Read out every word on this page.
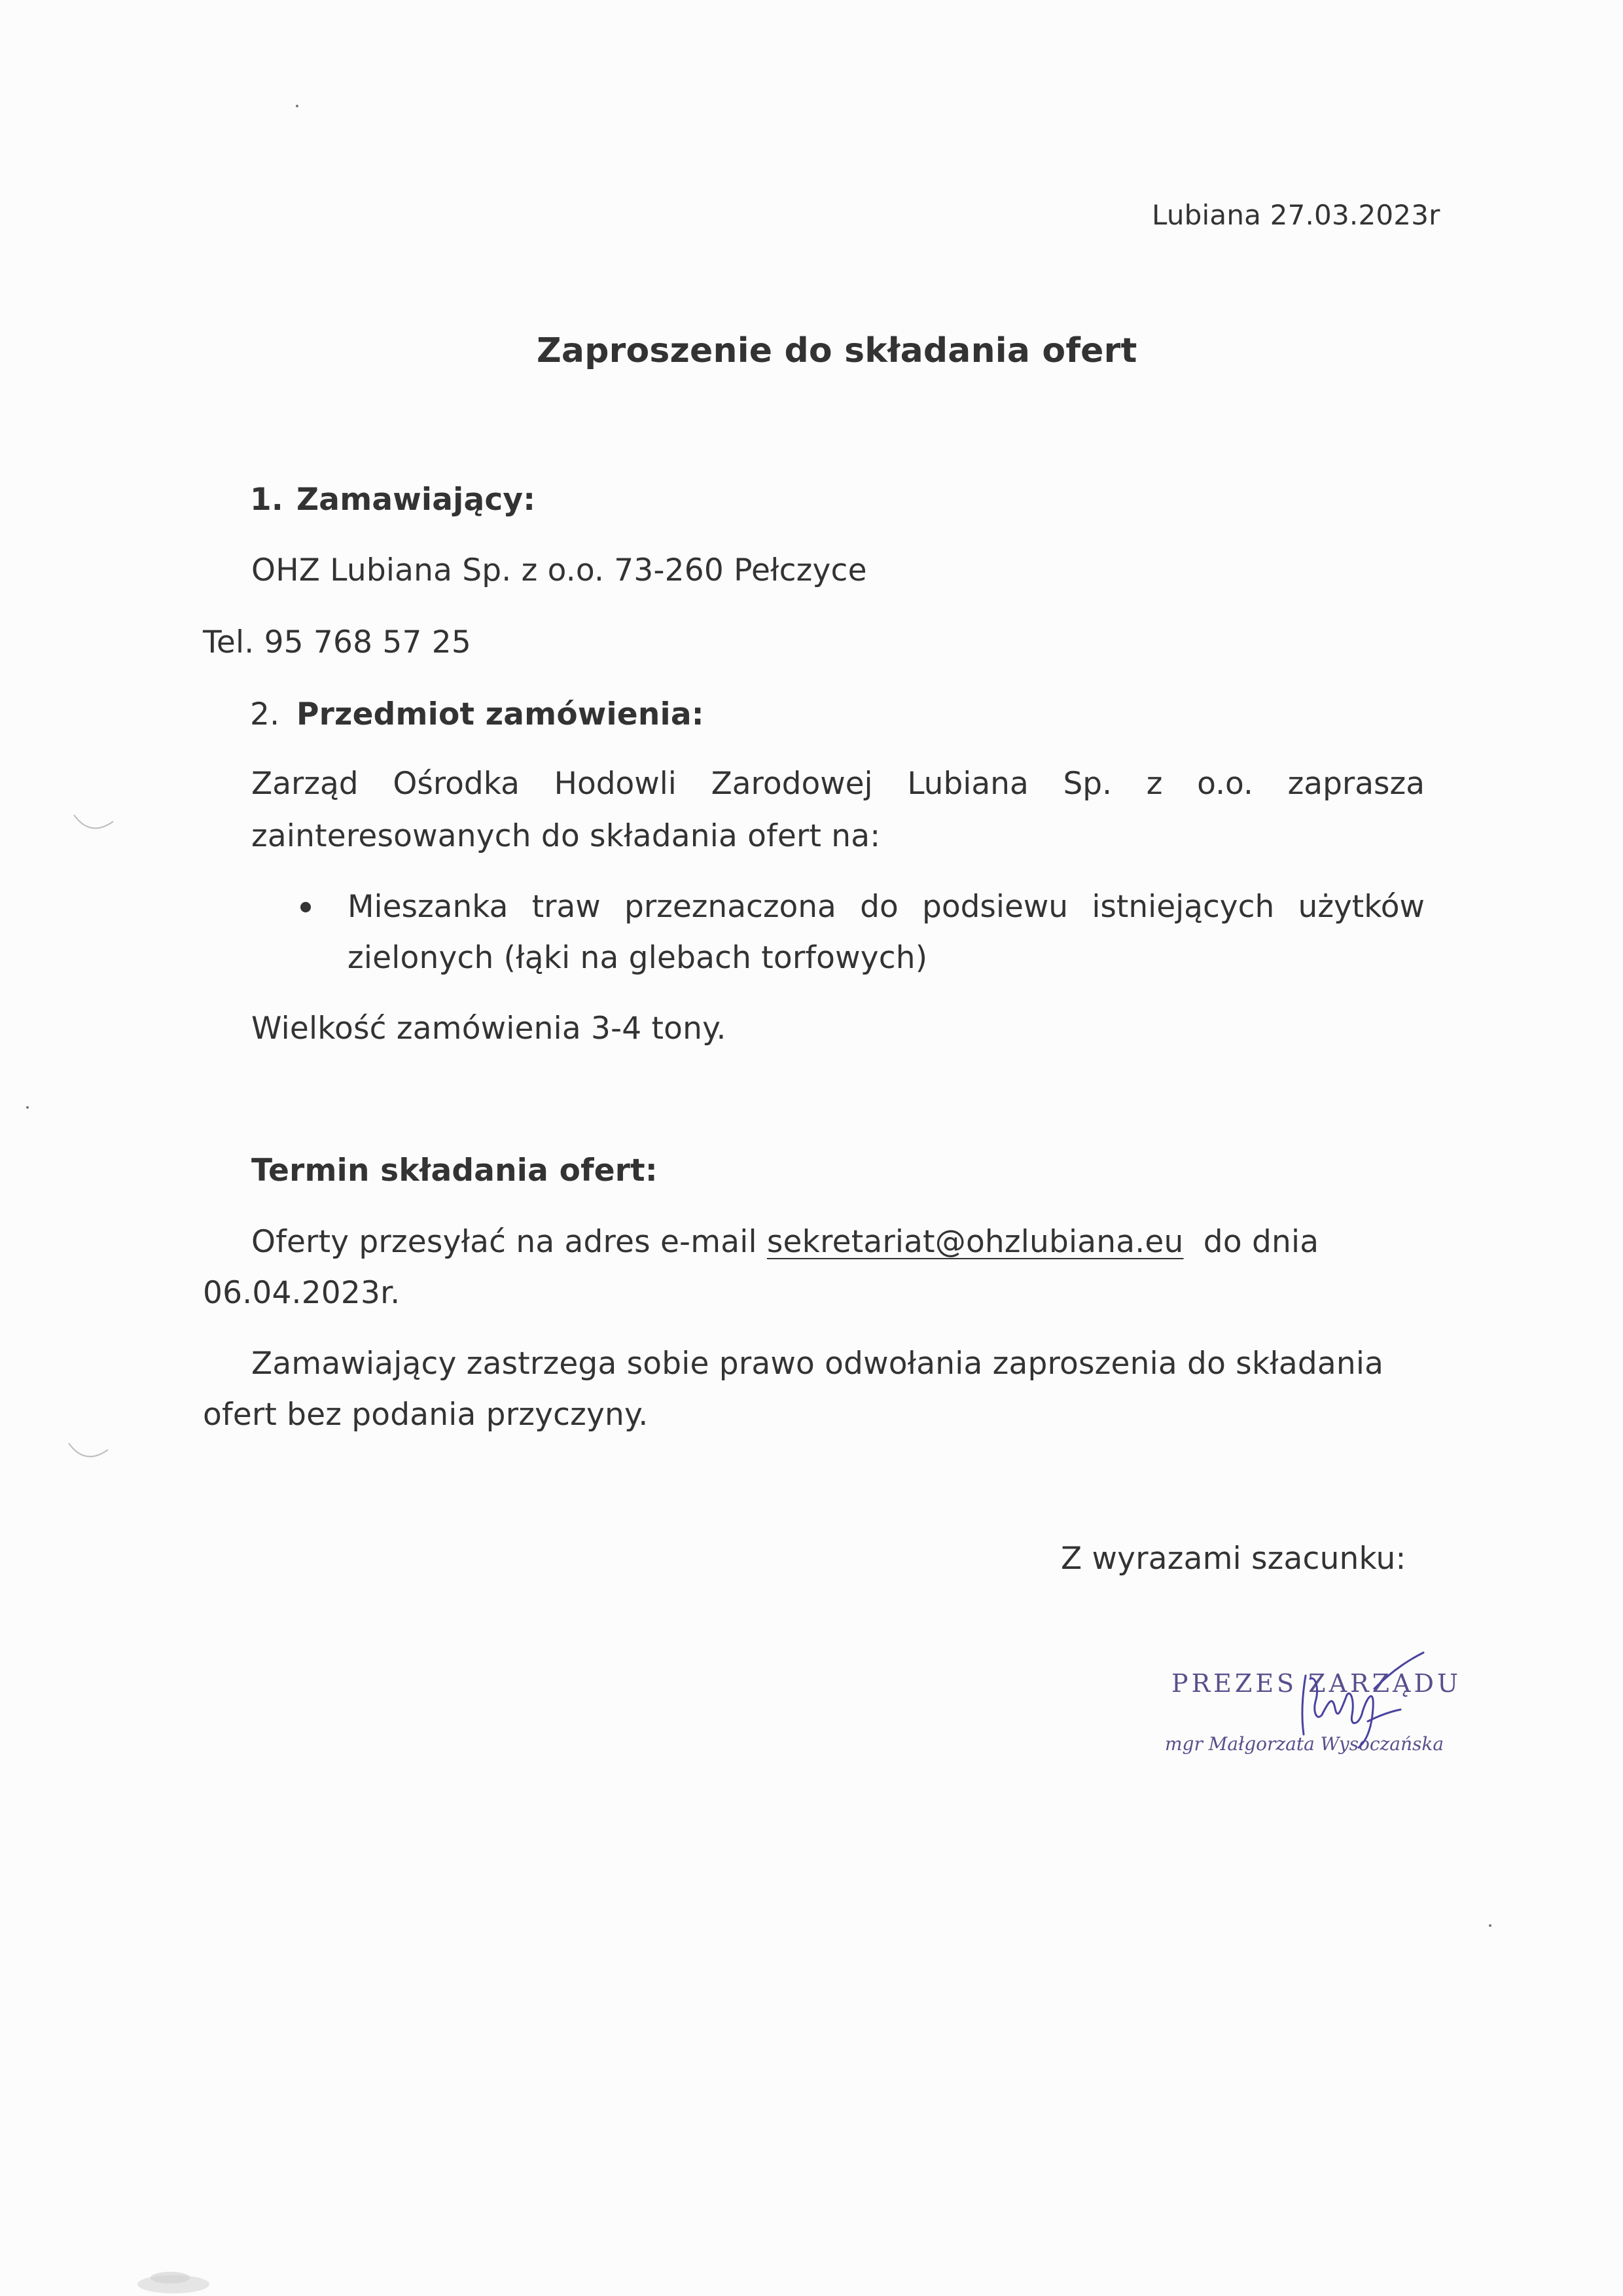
Lubiana 27.03.2023r
Zaproszenie do składania ofert
1. Zamawiający:
OHZ Lubiana Sp. z o.o. 73-260 Pełczyce
Tel. 95 768 57 25
2. Przedmiot zamówienia:
Zarząd Ośrodka Hodowli Zarodowej Lubiana Sp. z o.o. zaprasza
zainteresowanych do składania ofert na:
Mieszanka traw przeznaczona do podsiewu istniejących użytków
zielonych (łąki na glebach torfowych)
Wielkość zamówienia 3-4 tony.
Termin składania ofert:
Oferty przesyłać na adres e-mail sekretariat@ohzlubiana.eu  do dnia
06.04.2023r.
Zamawiający zastrzega sobie prawo odwołania zaproszenia do składania
ofert bez podania przyczyny.
Z wyrazami szacunku:
PREZES ZARZĄDU
mgr Małgorzata Wysoczańska
